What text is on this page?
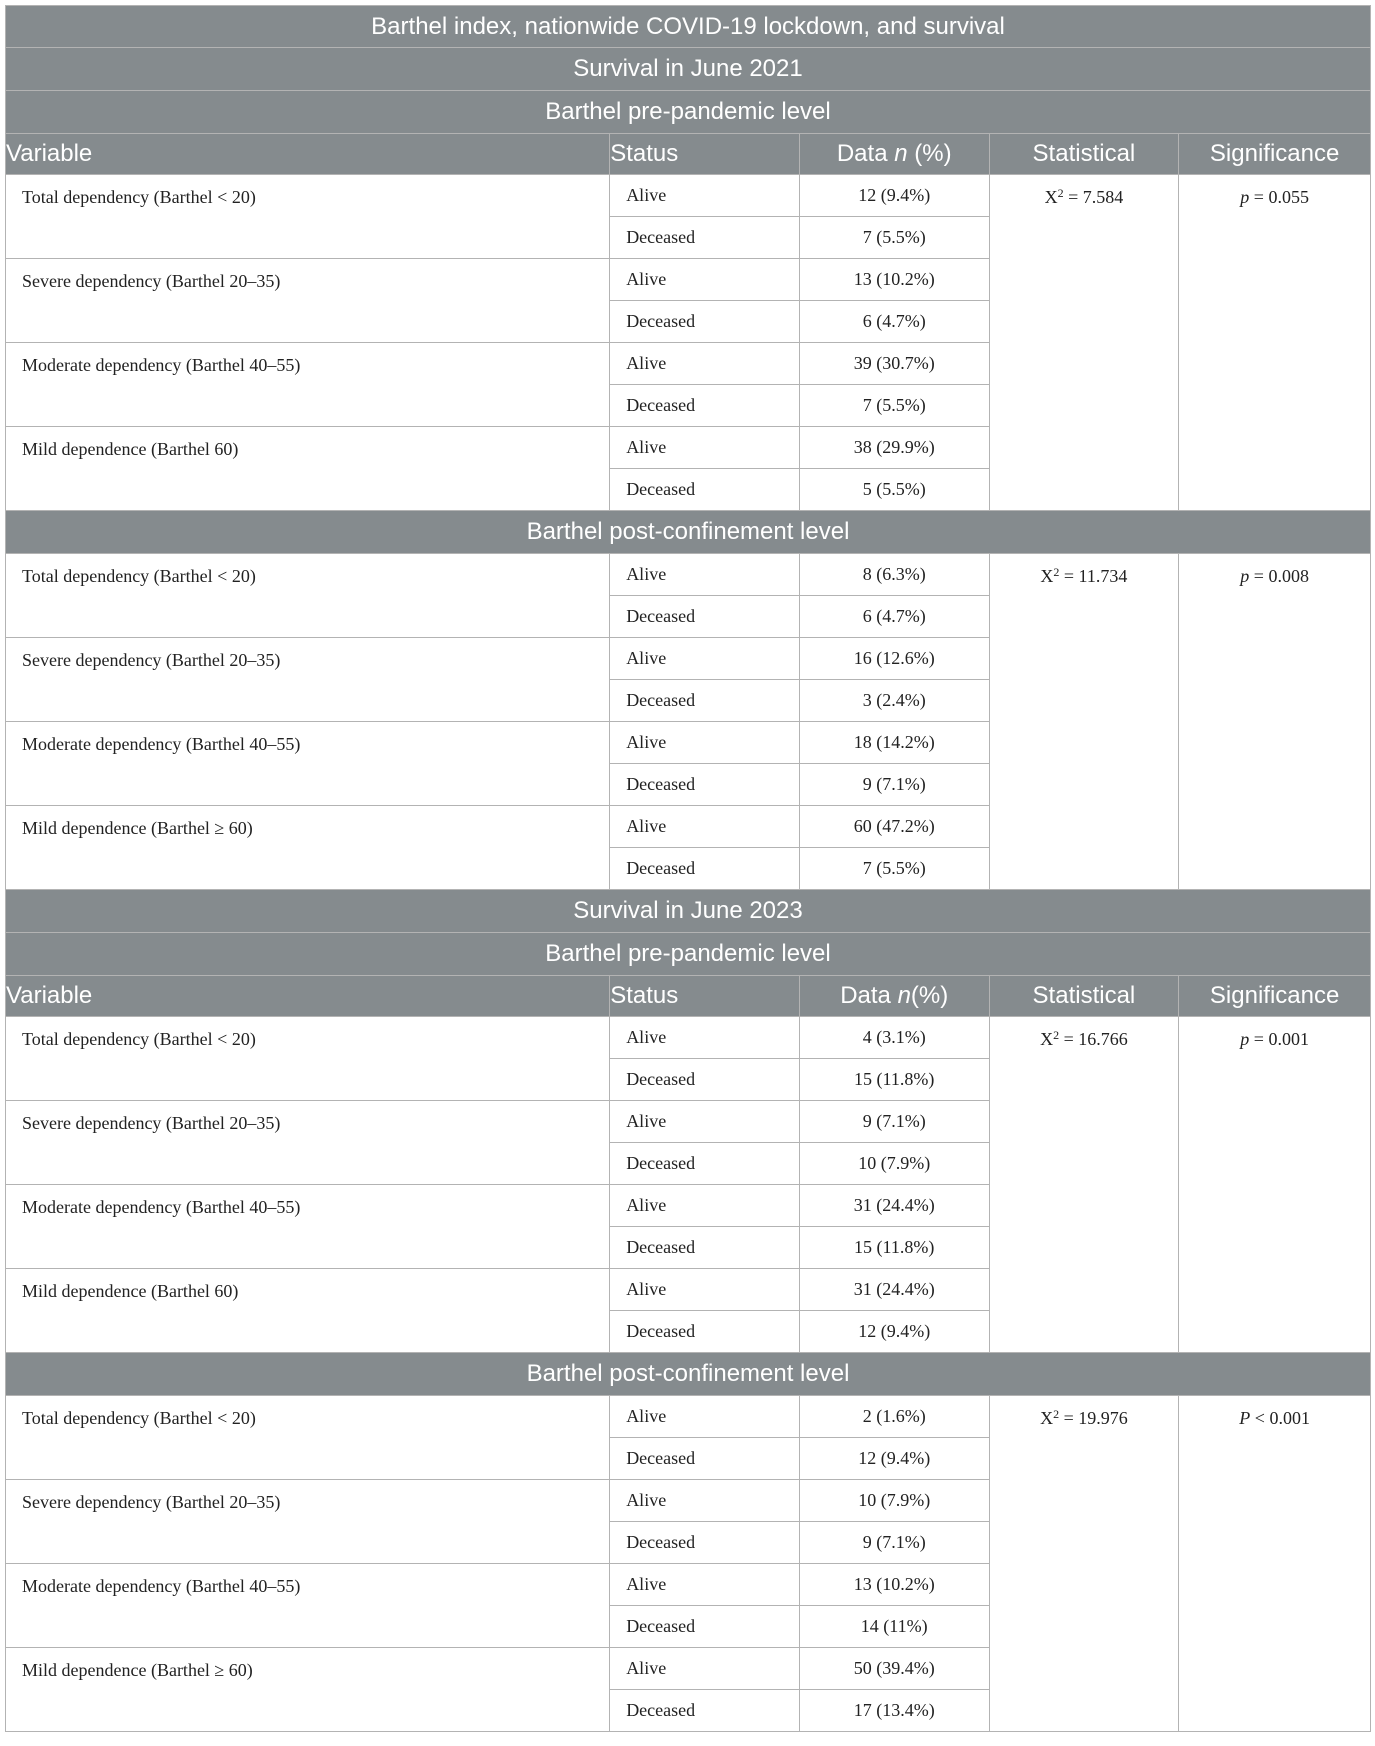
Barthel index, nationwide COVID-19 lockdown, and survival				
Survival in June 2021				
Barthel pre-pandemic level				
Variable	Status	Data n (%)	Statistical	Significance
Total dependency (Barthel < 20)	Alive	12 (9.4%)	$X^2 = 7.584$	p = 0.055
	Deceased	7 (5.5%)		
Severe dependency (Barthel 20–35)	Alive	13 (10.2%)		
	Deceased	6 (4.7%)		
Moderate dependency (Barthel 40–55)	Alive	39 (30.7%)		
	Deceased	7 (5.5%)		
Mild dependence (Barthel 60)	Alive	38 (29.9%)		
	Deceased	5 (5.5%)		
Barthel post-confinement level				
Total dependency (Barthel < 20)	Alive	8 (6.3%)	$X^2 = 11.734$	p = 0.008
	Deceased	6 (4.7%)		
Severe dependency (Barthel 20–35)	Alive	16 (12.6%)		
	Deceased	3 (2.4%)		
Moderate dependency (Barthel 40–55)	Alive	18 (14.2%)		
	Deceased	9 (7.1%)		
Mild dependence (Barthel ≥ 60)	Alive	60 (47.2%)		
	Deceased	7 (5.5%)		
Survival in June 2023				
Barthel pre-pandemic level				
Variable	Status	Data n(%)	Statistical	Significance
Total dependency (Barthel < 20)	Alive	4 (3.1%)	$X^2 = 16.766$	p = 0.001
	Deceased	15 (11.8%)		
Severe dependency (Barthel 20–35)	Alive	9 (7.1%)		
	Deceased	10 (7.9%)		
Moderate dependency (Barthel 40–55)	Alive	31 (24.4%)		
	Deceased	15 (11.8%)		
Mild dependence (Barthel 60)	Alive	31 (24.4%)		
	Deceased	12 (9.4%)		
Barthel post-confinement level				
Total dependency (Barthel < 20)	Alive	2 (1.6%)	$X^2 = 19.976$	P < 0.001
	Deceased	12 (9.4%)		
Severe dependency (Barthel 20–35)	Alive	10 (7.9%)		
	Deceased	9 (7.1%)		
Moderate dependency (Barthel 40–55)	Alive	13 (10.2%)		
	Deceased	14 (11%)		
Mild dependence (Barthel ≥ 60)	Alive	50 (39.4%)		
	Deceased	17 (13.4%)		
